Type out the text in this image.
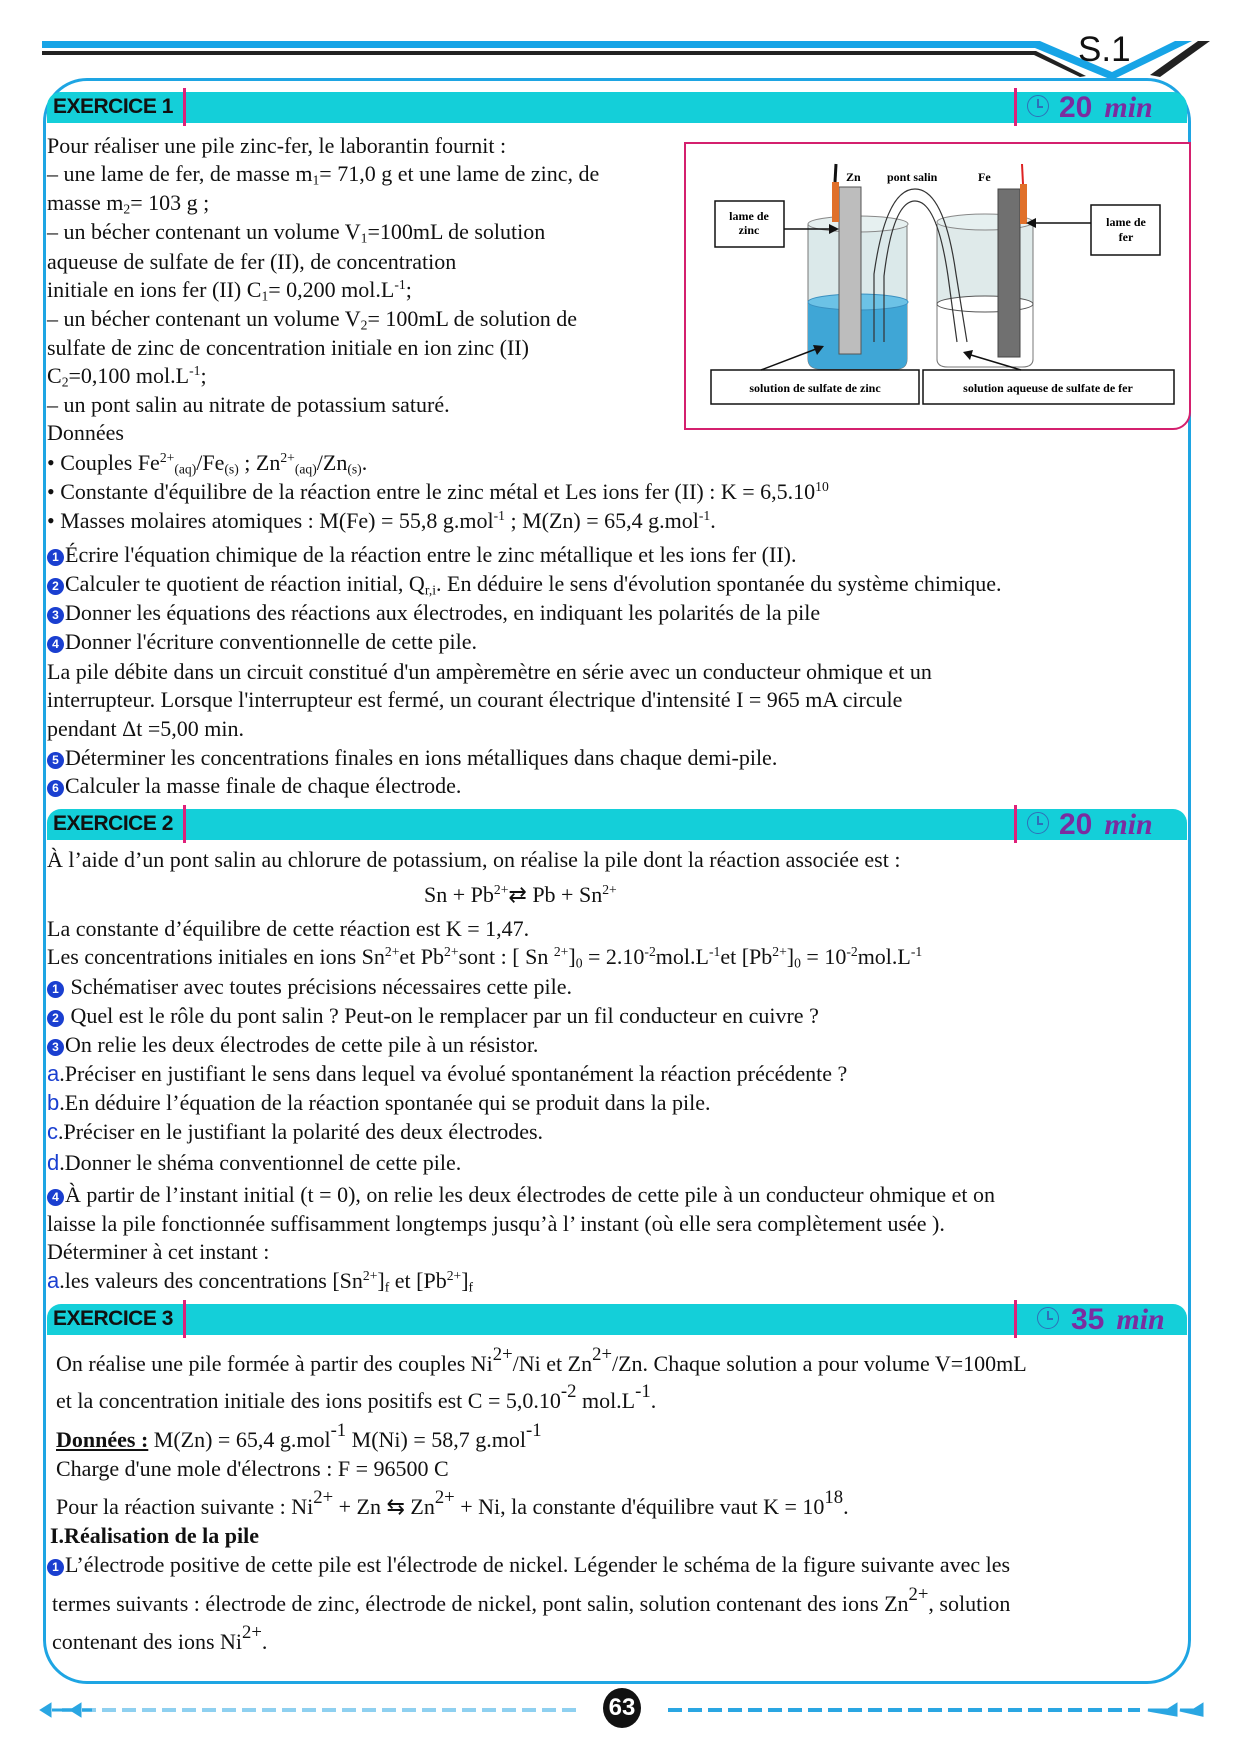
S.1
EXERCICE 1	20 min
Zn pont salin	Fe
lame de
zinc
lame de
fer
solution de sulfate de zinc	solution aqueuse de sulfate de fer
Pour réaliser une pile zinc-fer, le laborantin fournit :
– une lame de fer, de masse m1= 71,0 g et une lame de zinc, de
masse m2= 103 g ;
– un bécher contenant un volume V1=100mL de solution
aqueuse de sulfate de fer (II), de concentration
initiale en ions fer (II) C1= 0,200 $mol.L^{-1}$;
– un bécher contenant un volume V2= 100mL de solution de
sulfate de zinc de concentration initiale en ion zinc (II)
C2=0,100 $mol.L^{-1}$;
– un pont salin au nitrate de potassium saturé.
Données
• Couples $Fe^{2+}(aq)/Fe(s)$ ; $Zn^{2+}(aq)/Zn(s)$.
• Constante d'équilibre de la réaction entre le zinc métal et Les ions fer (II) : $K = 6,5.10^{10}$
• Masses molaires atomiques : M(Fe) = 55,8 g.mol$^{-1}$ ; M(Zn) = 65,4 g.mol$^{-1}$.
1 Écrire l'équation chimique de la réaction entre le zinc métallique et les ions fer (II).
2 Calculer te quotient de réaction initial, Qr,i. En déduire le sens d'évolution spontanée du système chimique.
3 Donner les équations des réactions aux électrodes, en indiquant les polarités de la pile
4 Donner l'écriture conventionnelle de cette pile.
La pile débite dans un circuit constitué d'un ampèremètre en série avec un conducteur ohmique et un
interrupteur. Lorsque l'interrupteur est fermé, un courant électrique d'intensité I = 965 mA circule
pendant Δt =5,00 min.
5 Déterminer les concentrations finales en ions métalliques dans chaque demi-pile.
6 Calculer la masse finale de chaque électrode.
EXERCICE 2	20 min
À l’aide d’un pont salin au chlorure de potassium, on réalise la pile dont la réaction associée est :
$Sn + Pb^{2+}⇄$ $Pb + Sn^{2+}$
La constante d’équilibre de cette réaction est K = 1,47.
Les concentrations initiales en ions $Sn^{2+}et$ $Pb^{2+}sont$ : [ Sn $^{2+}]0 = 2.10^{-2}mol.L^{-1}et$ $[Pb^{2+}]0 = 10^{-2}mol.L^{-1}$
1 Schématiser avec toutes précisions nécessaires cette pile.
2 Quel est le rôle du pont salin ? Peut-on le remplacer par un fil conducteur en cuivre ?
3 On relie les deux électrodes de cette pile à un résistor.
a.Préciser en justifiant le sens dans lequel va évolué spontanément la réaction précédente ?
b.En déduire l’équation de la réaction spontanée qui se produit dans la pile.
c.Préciser en le justifiant la polarité des deux électrodes.
d.Donner le shéma conventionnel de cette pile.
4 À partir de l’instant initial (t = 0), on relie les deux électrodes de cette pile à un conducteur ohmique et on
laisse la pile fonctionnée suffisamment longtemps jusqu’à l’ instant (où elle sera complètement usée ).
Déterminer à cet instant :
a.les valeurs des concentrations $[Sn^{2+}]f$ et $[Pb^{2+}]f$
EXERCICE 3	35 min
On réalise une pile formée à partir des couples $Ni^{2+}/Ni$ et $Zn^{2+}/Zn$. Chaque solution a pour volume V=100mL
et la concentration initiale des ions positifs est $C = 5,0.10^{-2}$ $mol.L^{-1}$.
Données : M(Zn) = 65,4 g.mol$^{-1}$ M(Ni) = 58,7 g.mol$^{-1}$
Charge d'une mole d'électrons : F = 96500 C
Pour la réaction suivante : $Ni^{2+} + Zn$ ⇆ $Zn^{2+} + Ni$, la constante d'équilibre vaut $K = 10^{18}$.
I.Réalisation de la pile
1 L’électrode positive de cette pile est l'électrode de nickel. Légender le schéma de la figure suivante avec les
termes suivants : électrode de zinc, électrode de nickel, pont salin, solution contenant des ions $Zn^{2+}$, solution
contenant des ions $Ni^{2+}$.
63
